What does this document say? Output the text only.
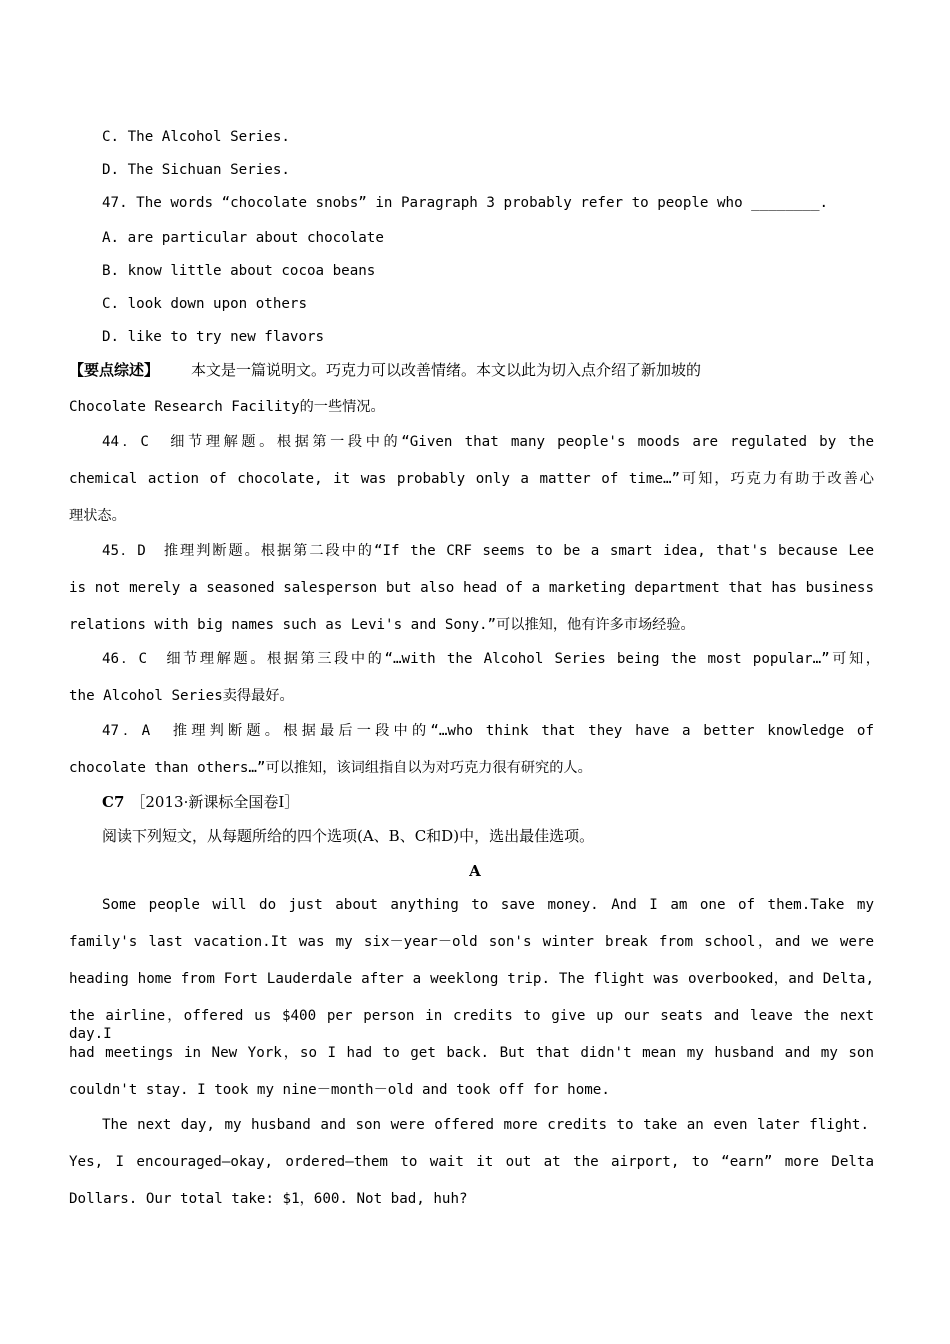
C. The Alcohol Series.
D. The Sichuan Series.
47. The words “chocolate snobs” in Paragraph 3 probably refer to people who ________.
A. are particular about chocolate
B. know little about cocoa beans
C. look down upon others
D. like to try new flavors
【要点综述】 本文是一篇说明文。巧克力可以改善情绪。本文以此为切入点介绍了新加坡的
Chocolate Research Facility的一些情况。
44．C　细节理解题。根据第一段中的“Given that many people's moods are regulated by the
chemical action of chocolate, it was probably only a matter of time…”可知，巧克力有助于改善心
理状态。
45．D　推理判断题。根据第二段中的“If the CRF seems to be a smart idea, that's because Lee
is not merely a seasoned salesperson but also head of a marketing department that has business
relations with big names such as Levi's and Sony.”可以推知，他有许多市场经验。
46．C　细节理解题。根据第三段中的“…with the Alcohol Series being the most popular…”可知，
the Alcohol Series卖得最好。
47．A　推理判断题。根据最后一段中的“…who think that they have a better knowledge of
chocolate than others…”可以推知，该词组指自以为对巧克力很有研究的人。
C7 ［2013·新课标全国卷Ⅰ］
阅读下列短文，从每题所给的四个选项(A、B、C和D)中，选出最佳选项。
A
Some people will do just about anything to save money. And I am one of them.Take my
family's last vacation.It was my six－year－old son's winter break from school，and we were
heading home from Fort Lauderdale after a weeklong trip. The flight was overbooked，and Delta,
the airline，offered us $400 per person in credits to give up our seats and leave the next day.I
had meetings in New York，so I had to get back. But that didn't mean my husband and my son
couldn't stay. I took my nine－month－old and took off for home.
The next day, my husband and son were offered more credits to take an even later flight.
Yes, I encouraged—okay, ordered—them to wait it out at the airport, to “earn” more Delta
Dollars. Our total take: $1，600. Not bad, huh?
